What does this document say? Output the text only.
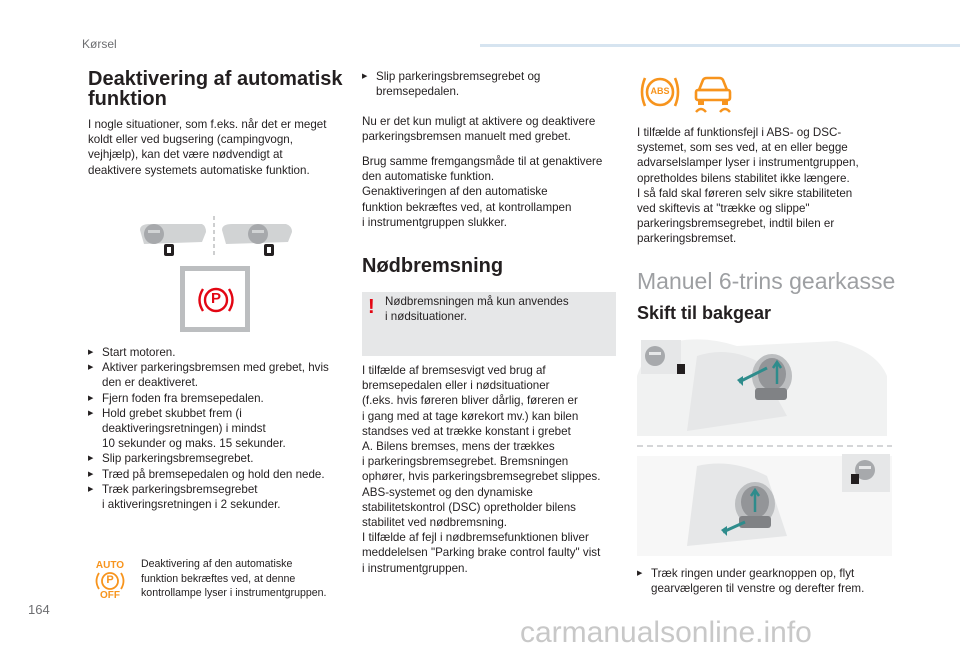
Kørsel
Deaktivering af automatisk
funktion
I nogle situationer, som f.eks. når det er meget
koldt eller ved bugsering (campingvogn,
vejhjælp), kan det være nødvendigt at
deaktivere systemets automatiske funktion.
P
▶ Start motoren.
▶ Aktiver parkeringsbremsen med grebet, hvis
den er deaktiveret.
▶ Fjern foden fra bremsepedalen.
▶ Hold grebet skubbet frem (i
deaktiveringsretningen) i mindst
10 sekunder og maks. 15 sekunder.
▶ Slip parkeringsbremsegrebet.
▶ Træd på bremsepedalen og hold den nede.
▶ Træk parkeringsbremsegrebet
i aktiveringsretningen i 2 sekunder.
AUTO
P
OFF
Deaktivering af den automatiske
funktion bekræftes ved, at denne
kontrollampe lyser i instrumentgruppen.
▶ Slip parkeringsbremsegrebet og
bremsepedalen.
Nu er det kun muligt at aktivere og deaktivere
parkeringsbremsen manuelt med grebet.
Brug samme fremgangsmåde til at genaktivere
den automatiske funktion.
Genaktiveringen af den automatiske
funktion bekræftes ved, at kontrollampen
i instrumentgruppen slukker.
Nødbremsning
! Nødbremsningen må kun anvendes
i nødsituationer.
I tilfælde af bremsesvigt ved brug af
bremsepedalen eller i nødsituationer
(f.eks. hvis føreren bliver dårlig, føreren er
i gang med at tage kørekort mv.) kan bilen
standses ved at trække konstant i grebet
A. Bilens bremses, mens der trækkes
i parkeringsbremsegrebet. Bremsningen
ophører, hvis parkeringsbremsegrebet slippes.
ABS-systemet og den dynamiske
stabilitetskontrol (DSC) opretholder bilens
stabilitet ved nødbremsning.
I tilfælde af fejl i nødbremsefunktionen bliver
meddelelsen "Parking brake control faulty" vist
i instrumentgruppen.
ABS
I tilfælde af funktionsfejl i ABS- og DSC-
systemet, som ses ved, at en eller begge
advarselslamper lyser i instrumentgruppen,
opretholdes bilens stabilitet ikke længere.
I så fald skal føreren selv sikre stabiliteten
ved skiftevis at "trække og slippe"
parkeringsbremsegrebet, indtil bilen er
parkeringsbremset.
Manuel 6-trins gearkasse
Skift til bakgear
▶ Træk ringen under gearknoppen op, flyt
gearvælgeren til venstre og derefter frem.
164
carmanualsonline.info
